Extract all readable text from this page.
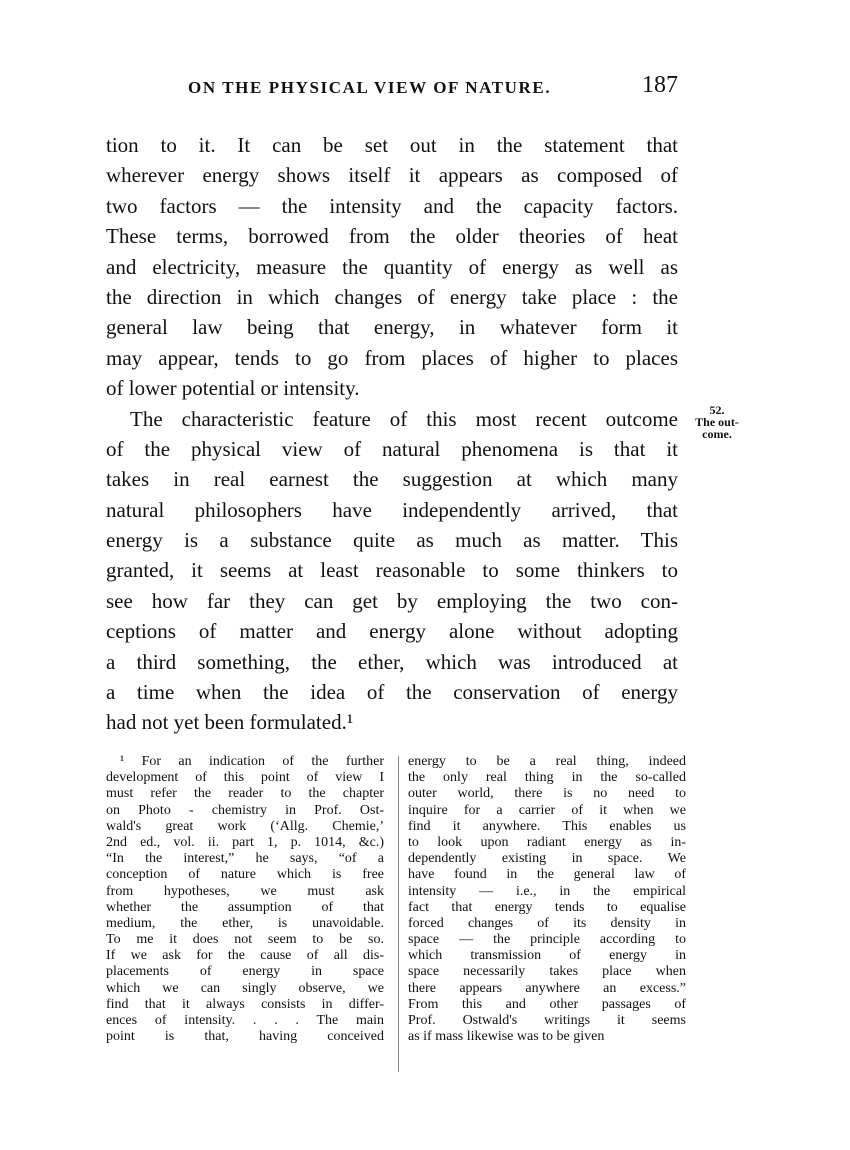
ON THE PHYSICAL VIEW OF NATURE.	187
tion to it. It can be set out in the statement that
wherever energy shows itself it appears as composed of
two factors — the intensity and the capacity factors.
These terms, borrowed from the older theories of heat
and electricity, measure the quantity of energy as well as
the direction in which changes of energy take place : the
general law being that energy, in whatever form it
may appear, tends to go from places of higher to places
of lower potential or intensity.
The characteristic feature of this most recent outcome
of the physical view of natural phenomena is that it
takes in real earnest the suggestion at which many
natural philosophers have independently arrived, that
energy is a substance quite as much as matter. This
granted, it seems at least reasonable to some thinkers to
see how far they can get by employing the two con-
ceptions of matter and energy alone without adopting
a third something, the ether, which was introduced at
a time when the idea of the conservation of energy
had not yet been formulated.¹
52.
The out-
come.
¹ For an indication of the further
development of this point of view I
must refer the reader to the chapter
on Photo - chemistry in Prof. Ost-
wald's great work (‘Allg. Chemie,’
2nd ed., vol. ii. part 1, p. 1014, &c.)
“In the interest,” he says, “of a
conception of nature which is free
from hypotheses, we must ask
whether the assumption of that
medium, the ether, is unavoidable.
To me it does not seem to be so.
If we ask for the cause of all dis-
placements of energy in space
which we can singly observe, we
find that it always consists in differ-
ences of intensity. . . . The main
point is that, having conceived
energy to be a real thing, indeed
the only real thing in the so-called
outer world, there is no need to
inquire for a carrier of it when we
find it anywhere. This enables us
to look upon radiant energy as in-
dependently existing in space. We
have found in the general law of
intensity — i.e., in the empirical
fact that energy tends to equalise
forced changes of its density in
space — the principle according to
which transmission of energy in
space necessarily takes place when
there appears anywhere an excess.”
From this and other passages of
Prof. Ostwald's writings it seems
as if mass likewise was to be given
